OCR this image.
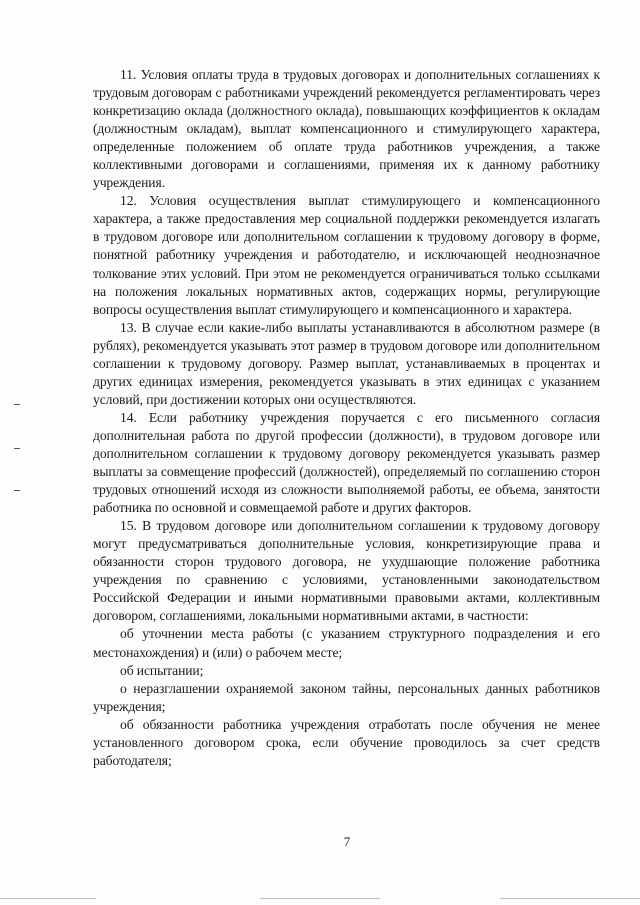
11. Условия оплаты труда в трудовых договорах и дополнительных соглашениях к трудовым договорам с работниками учреждений рекомендуется регламентировать через конкретизацию оклада (должностного оклада), повышающих коэффициентов к окладам (должностным окладам), выплат компенсационного и стимулирующего характера, определенные положением об оплате труда работников учреждения, а также коллективными договорами и соглашениями, применяя их к данному работнику учреждения.

12. Условия осуществления выплат стимулирующего и компенсационного характера, а также предоставления мер социальной поддержки рекомендуется излагать в трудовом договоре или дополнительном соглашении к трудовому договору в форме, понятной работнику учреждения и работодателю, и исключающей неоднозначное толкование этих условий. При этом не рекомендуется ограничиваться только ссылками на положения локальных нормативных актов, содержащих нормы, регулирующие вопросы осуществления выплат стимулирующего и компенсационного и характера.

13. В случае если какие-либо выплаты устанавливаются в абсолютном размере (в рублях), рекомендуется указывать этот размер в трудовом договоре или дополнительном соглашении к трудовому договору. Размер выплат, устанавливаемых в процентах и других единицах измерения, рекомендуется указывать в этих единицах с указанием условий, при достижении которых они осуществляются.

14. Если работнику учреждения поручается с его письменного согласия дополнительная работа по другой профессии (должности), в трудовом договоре или дополнительном соглашении к трудовому договору рекомендуется указывать размер выплаты за совмещение профессий (должностей), определяемый по соглашению сторон трудовых отношений исходя из сложности выполняемой работы, ее объема, занятости работника по основной и совмещаемой работе и других факторов.

15. В трудовом договоре или дополнительном соглашении к трудовому договору могут предусматриваться дополнительные условия, конкретизирующие права и обязанности сторон трудового договора, не ухудшающие положение работника учреждения по сравнению с условиями, установленными законодательством Российской Федерации и иными нормативными правовыми актами, коллективным договором, соглашениями, локальными нормативными актами, в частности:

об уточнении места работы (с указанием структурного подразделения и его местонахождения) и (или) о рабочем месте;

об испытании;

о неразглашении охраняемой законом тайны, персональных данных работников учреждения;

об обязанности работника учреждения отработать после обучения не менее установленного договором срока, если обучение проводилось за счет средств работодателя;

7
